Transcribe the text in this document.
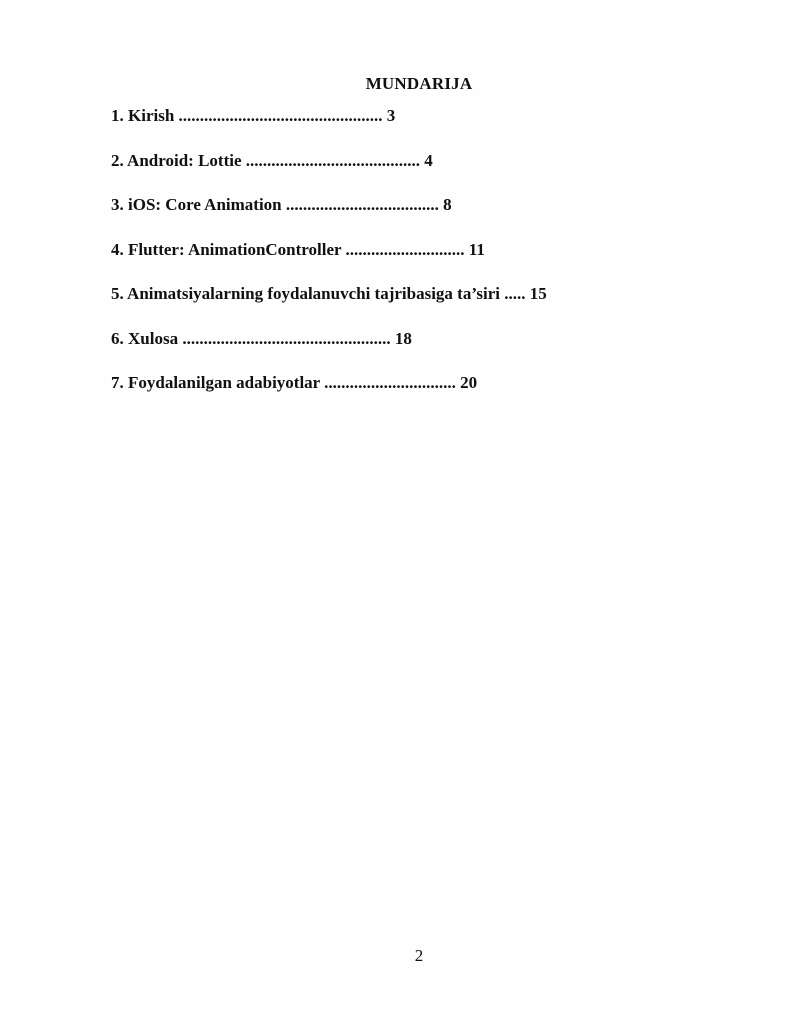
MUNDARIJA
1. Kirish ................................................ 3
2. Android: Lottie ......................................... 4
3. iOS: Core Animation .................................... 8
4. Flutter: AnimationController ............................ 11
5. Animatsiyalarning foydalanuvchi tajribasiga ta’siri ..... 15
6. Xulosa ................................................. 18
7. Foydalanilgan adabiyotlar ............................... 20
2
